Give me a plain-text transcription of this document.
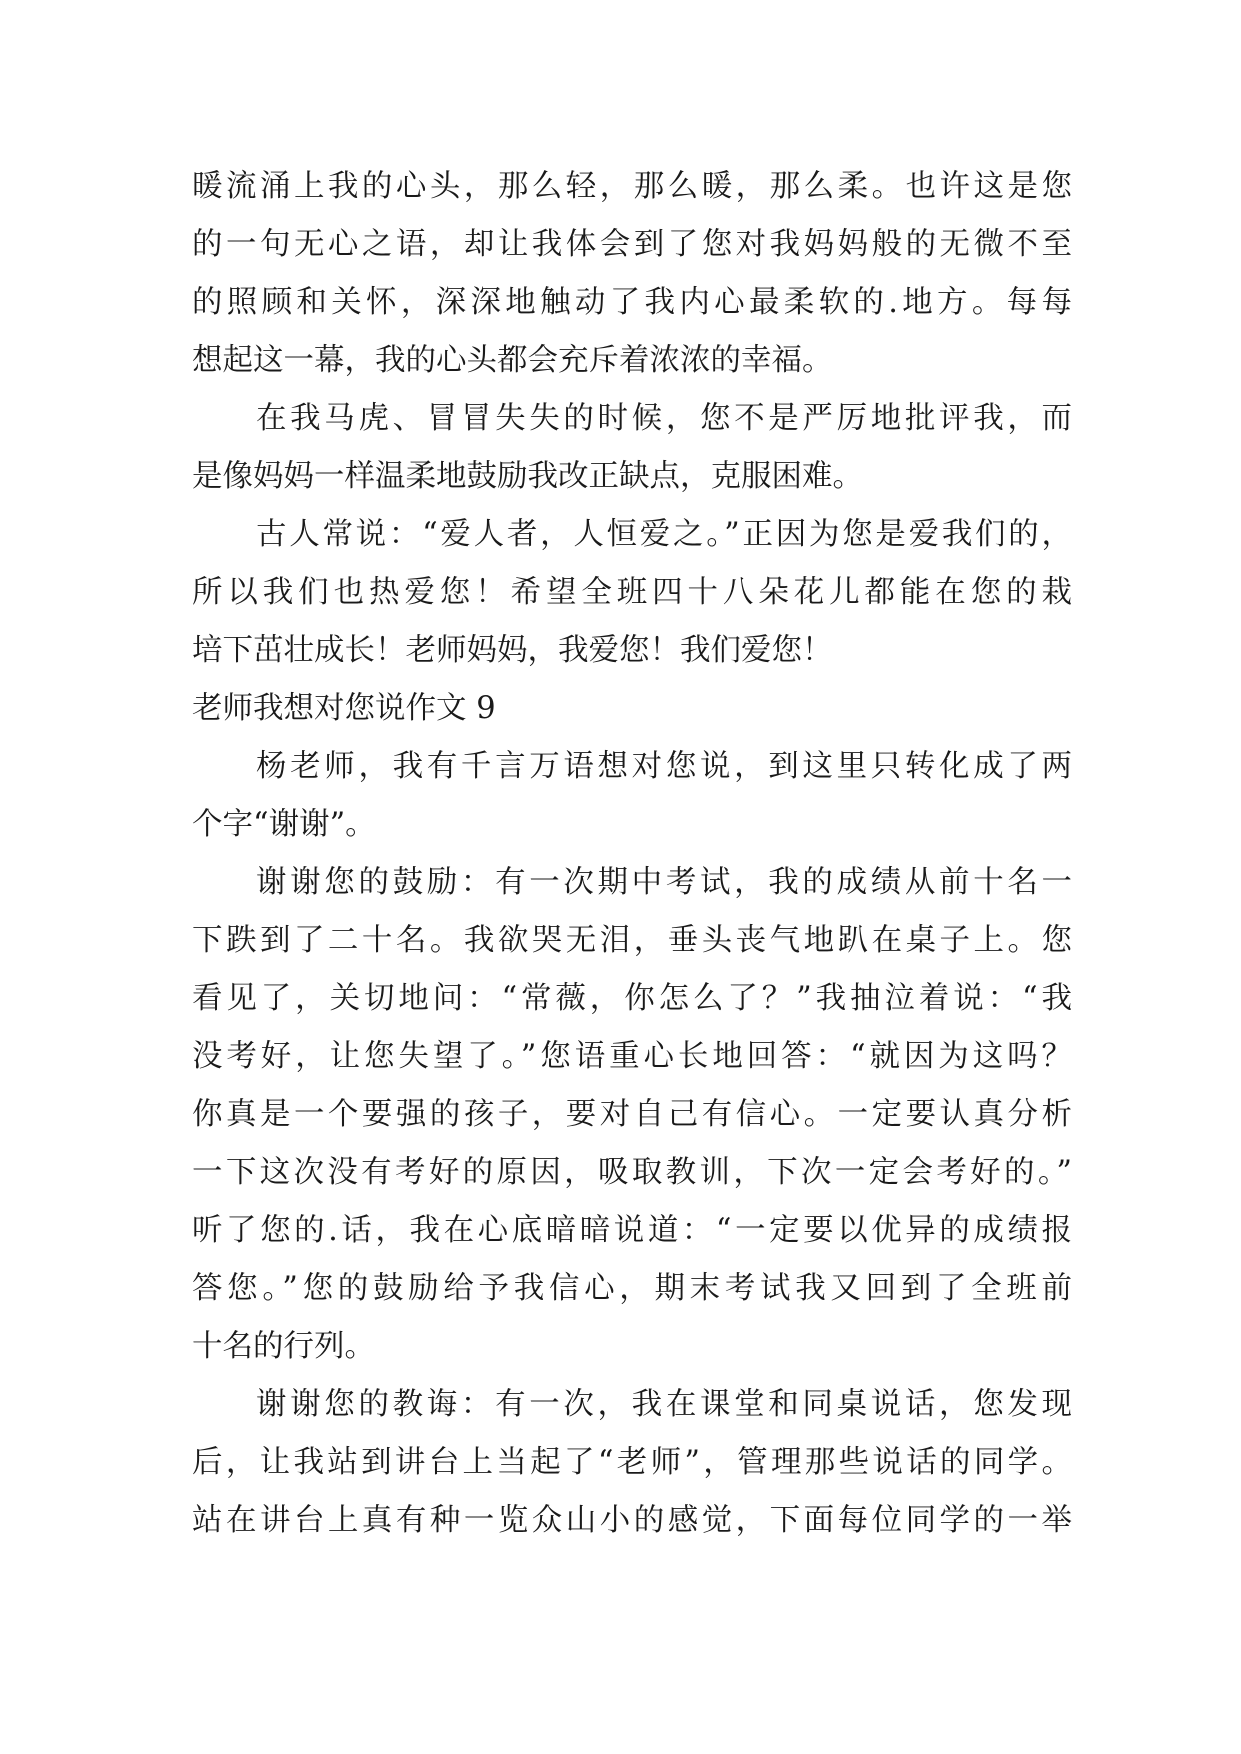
暖流涌上我的心头，那么轻，那么暖，那么柔。也许这是您
的一句无心之语，却让我体会到了您对我妈妈般的无微不至
的照顾和关怀，深深地触动了我内心最柔软的.地方。每每
想起这一幕，我的心头都会充斥着浓浓的幸福。
在我马虎、冒冒失失的时候，您不是严厉地批评我，而
是像妈妈一样温柔地鼓励我改正缺点，克服困难。
古人常说：“爱人者，人恒爱之。”正因为您是爱我们的，
所以我们也热爱您！希望全班四十八朵花儿都能在您的栽
培下茁壮成长！老师妈妈，我爱您！我们爱您！
老师我想对您说作文 9
杨老师，我有千言万语想对您说，到这里只转化成了两
个字“谢谢”。
谢谢您的鼓励：有一次期中考试，我的成绩从前十名一
下跌到了二十名。我欲哭无泪，垂头丧气地趴在桌子上。您
看见了，关切地问：“常薇，你怎么了？”我抽泣着说：“我
没考好，让您失望了。”您语重心长地回答：“就因为这吗？
你真是一个要强的孩子，要对自己有信心。一定要认真分析
一下这次没有考好的原因，吸取教训，下次一定会考好的。”
听了您的.话，我在心底暗暗说道：“一定要以优异的成绩报
答您。”您的鼓励给予我信心，期末考试我又回到了全班前
十名的行列。
谢谢您的教诲：有一次，我在课堂和同桌说话，您发现
后，让我站到讲台上当起了“老师”，管理那些说话的同学。
站在讲台上真有种一览众山小的感觉，下面每位同学的一举
